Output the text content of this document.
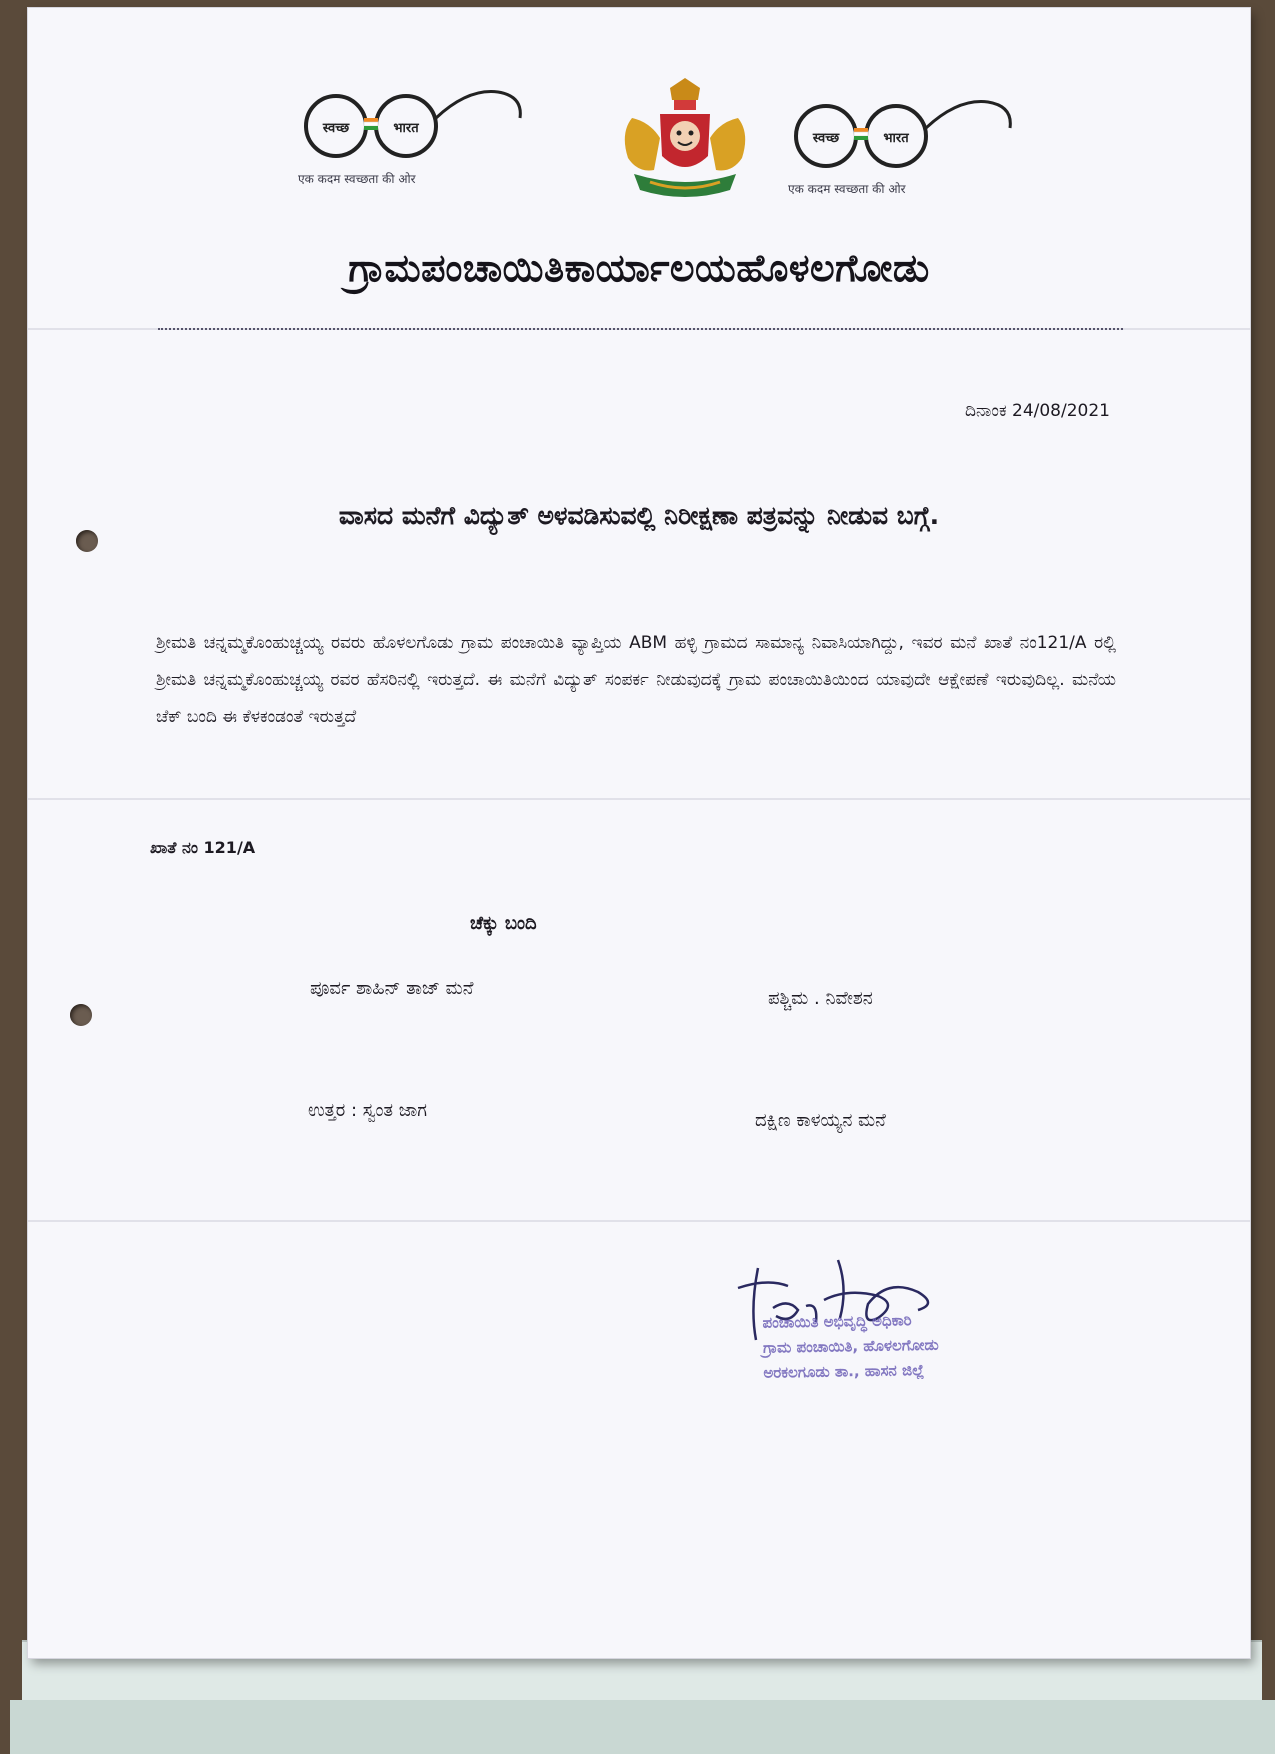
स्वच्छ	भारत
एक कदम स्वच्छता की ओर
स्वच्छ	भारत
एक कदम स्वच्छता की ओर
ಗ್ರಾಮಪಂಚಾಯಿತಿಕಾರ್ಯಾಲಯಹೊಳಲಗೋಡು
ದಿನಾಂಕ 24/08/2021
ವಾಸದ ಮನೆಗೆ ವಿದ್ಯುತ್ ಅಳವಡಿಸುವಲ್ಲಿ ನಿರೀಕ್ಷಣಾ ಪತ್ರವನ್ನು ನೀಡುವ ಬಗ್ಗೆ.
ಶ್ರೀಮತಿ ಚನ್ನಮ್ಮಕೊಂಹುಚ್ಚಯ್ಯ ರವರು ಹೊಳಲಗೊಡು ಗ್ರಾಮ ಪಂಚಾಯಿತಿ ವ್ಯಾಪ್ತಿಯ ABM ಹಳ್ಳಿ ಗ್ರಾಮದ ಸಾಮಾನ್ಯ ನಿವಾಸಿಯಾಗಿದ್ದು, ಇವರ ಮನೆ ಖಾತೆ ನಂ121/A ರಲ್ಲಿ ಶ್ರೀಮತಿ ಚನ್ನಮ್ಮಕೊಂಹುಚ್ಚಯ್ಯ ರವರ ಹೆಸರಿನಲ್ಲಿ ಇರುತ್ತದೆ. ಈ ಮನೆಗೆ ವಿದ್ಯುತ್ ಸಂಪರ್ಕ ನೀಡುವುದಕ್ಕೆ ಗ್ರಾಮ ಪಂಚಾಯಿತಿಯಿಂದ ಯಾವುದೇ ಆಕ್ಷೇಪಣೆ ಇರುವುದಿಲ್ಲ. ಮನೆಯ ಚೆಕ್ ಬಂದಿ ಈ ಕೆಳಕಂಡಂತೆ ಇರುತ್ತದೆ
ಖಾತೆ ನಂ 121/A
ಚೆಕ್ಕು ಬಂದಿ
ಪೂರ್ವ ಶಾಹಿನ್ ತಾಜ್ ಮನೆ	ಪಶ್ಚಿಮ . ನಿವೇಶನ
ಉತ್ತರ : ಸ್ವಂತ ಜಾಗ	ದಕ್ಷಿಣ ಕಾಳಯ್ಯನ ಮನೆ
ಪಂಚಾಯಿತಿ ಅಭಿವೃದ್ಧಿ ಅಧಿಕಾರಿ
ಗ್ರಾಮ ಪಂಚಾಯಿತಿ, ಹೊಳಲಗೋಡು
ಅರಕಲಗೂಡು ತಾ., ಹಾಸನ ಜಿಲ್ಲೆ
